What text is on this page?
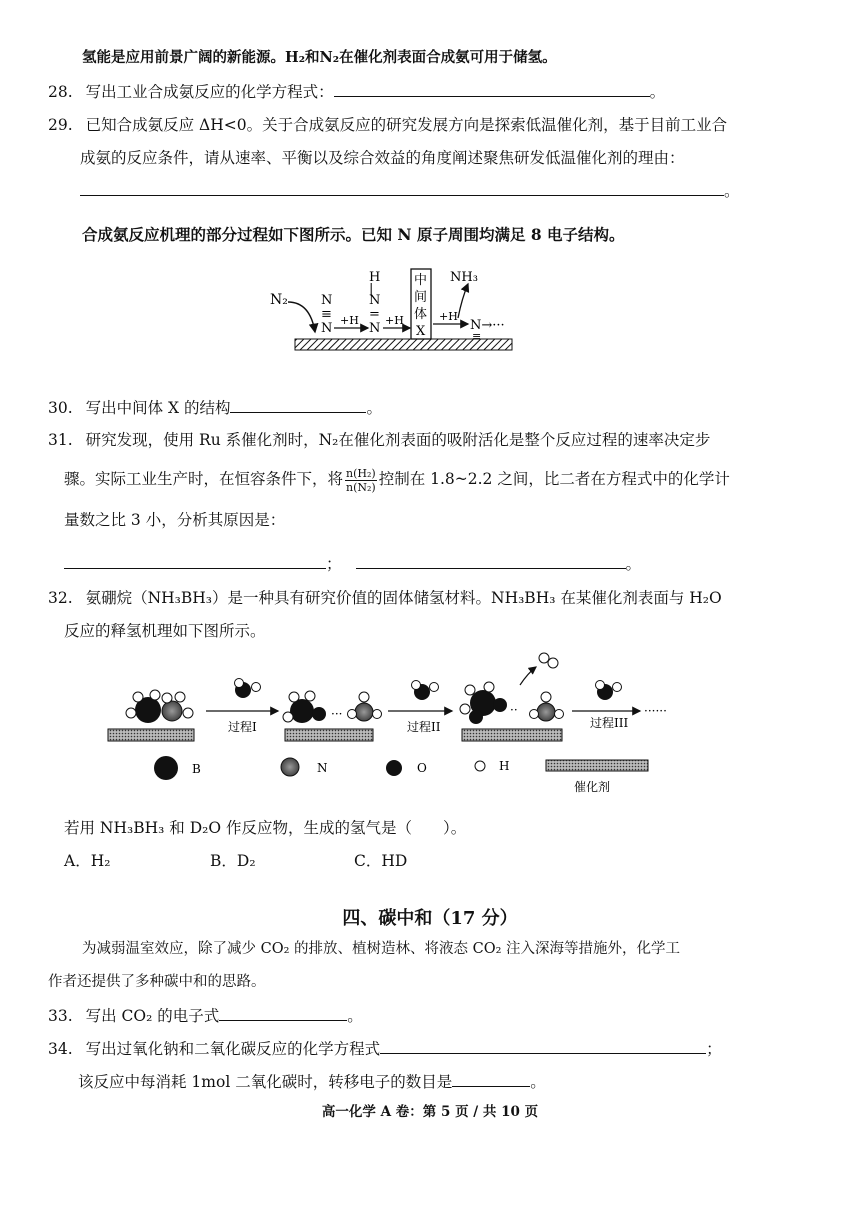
氢能是应用前景广阔的新能源。H₂和N₂在催化剂表面合成氨可用于储氢。
28. 写出工业合成氨反应的化学方程式：	。
29. 已知合成氨反应 ΔH<0。关于合成氨反应的研究发展方向是探索低温催化剂，基于目前工业合
成氨的反应条件，请从速率、平衡以及综合效益的角度阐述聚焦研发低温催化剂的理由：
。
合成氨反应机理的部分过程如下图所示。已知 N 原子周围均满足 8 电子结构。
N₂	N
≡
N
+H
H
|
N
=
N
+H
中
间
体
X
+H
NH₃
N→···
≡
30. 写出中间体 X 的结构	。
31. 研究发现，使用 Ru 系催化剂时，N₂在催化剂表面的吸附活化是整个反应过程的速率决定步
骤。实际工业生产时，在恒容条件下，将 $\frac{\text{n(H₂)}}{\text{n(N₂)}}$ 控制在 1.8~2.2 之间，比二者在方程式中的化学计
量数之比 3 小，分析其原因是：
；	。
32. 氨硼烷（NH₃BH₃）是一种具有研究价值的固体储氢材料。NH₃BH₃ 在某催化剂表面与 H₂O
反应的释氢机理如下图所示。
过程I
···
过程II
··	······
过程III
B	N	O	H
催化剂
若用 NH₃BH₃ 和 D₂O 作反应物，生成的氢气是（　　）。
A．H₂	B．D₂	C．HD
四、碳中和（17 分）
为减弱温室效应，除了减少 CO₂ 的排放、植树造林、将液态 CO₂ 注入深海等措施外，化学工
作者还提供了多种碳中和的思路。
33. 写出 CO₂ 的电子式	。
34. 写出过氧化钠和二氧化碳反应的化学方程式	；
该反应中每消耗 1mol 二氧化碳时，转移电子的数目是	。
高一化学 A 卷：第 5 页 / 共 10 页
